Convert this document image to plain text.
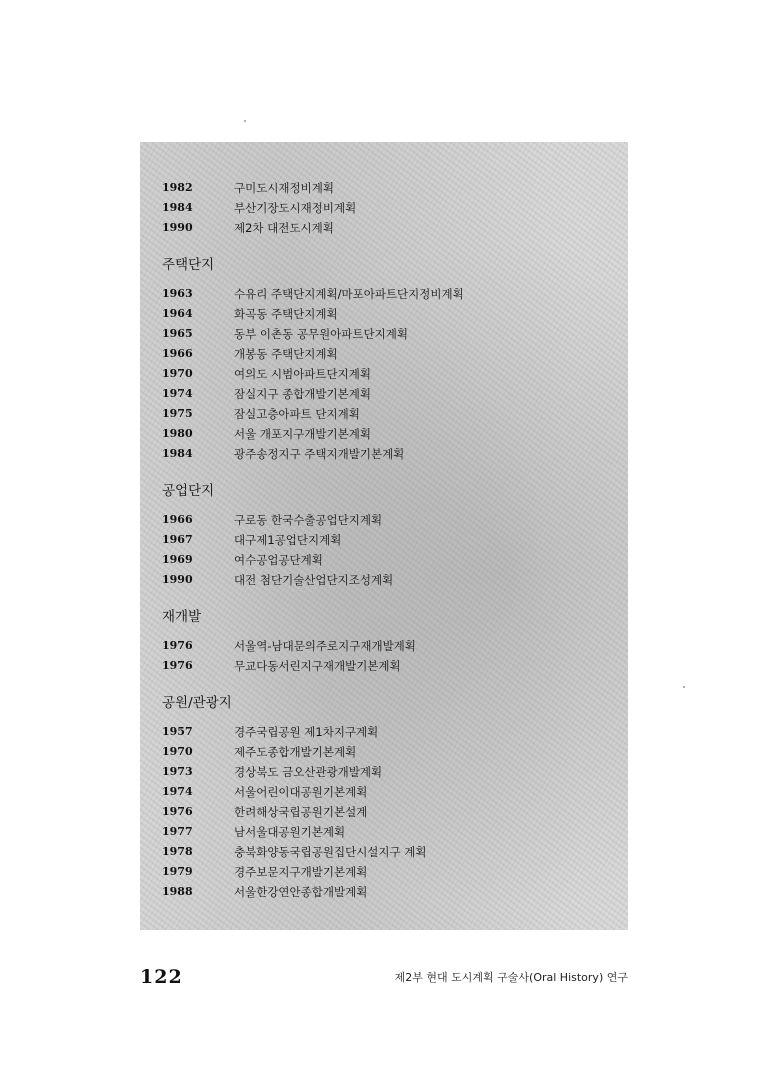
1982	구미도시재정비계획
1984	부산기장도시재정비계획
1990	제2차 대전도시계획
주택단지
1963	수유리 주택단지계획/마포아파트단지정비계획
1964	화곡동 주택단지계획
1965	동부 이촌동 공무원아파트단지계획
1966	개봉동 주택단지계획
1970	여의도 시범아파트단지계획
1974	잠실지구 종합개발기본계획
1975	잠실고층아파트 단지계획
1980	서울 개포지구개발기본계획
1984	광주송정지구 주택지개발기본계획
공업단지
1966	구로동 한국수출공업단지계획
1967	대구제1공업단지계획
1969	여수공업공단계획
1990	대전 첨단기술산업단지조성계획
재개발
1976	서울역-남대문의주로지구재개발계획
1976	무교다동서린지구재개발기본계획
공원/관광지
1957	경주국립공원 제1차지구계획
1970	제주도종합개발기본계획
1973	경상북도 금오산관광개발계획
1974	서울어린이대공원기본계획
1976	한려해상국립공원기본설계
1977	남서울대공원기본계획
1978	충북화양동국립공원집단시설지구 계획
1979	경주보문지구개발기본계획
1988	서울한강연안종합개발계획
122	제2부 현대 도시계획 구술사(Oral History) 연구
